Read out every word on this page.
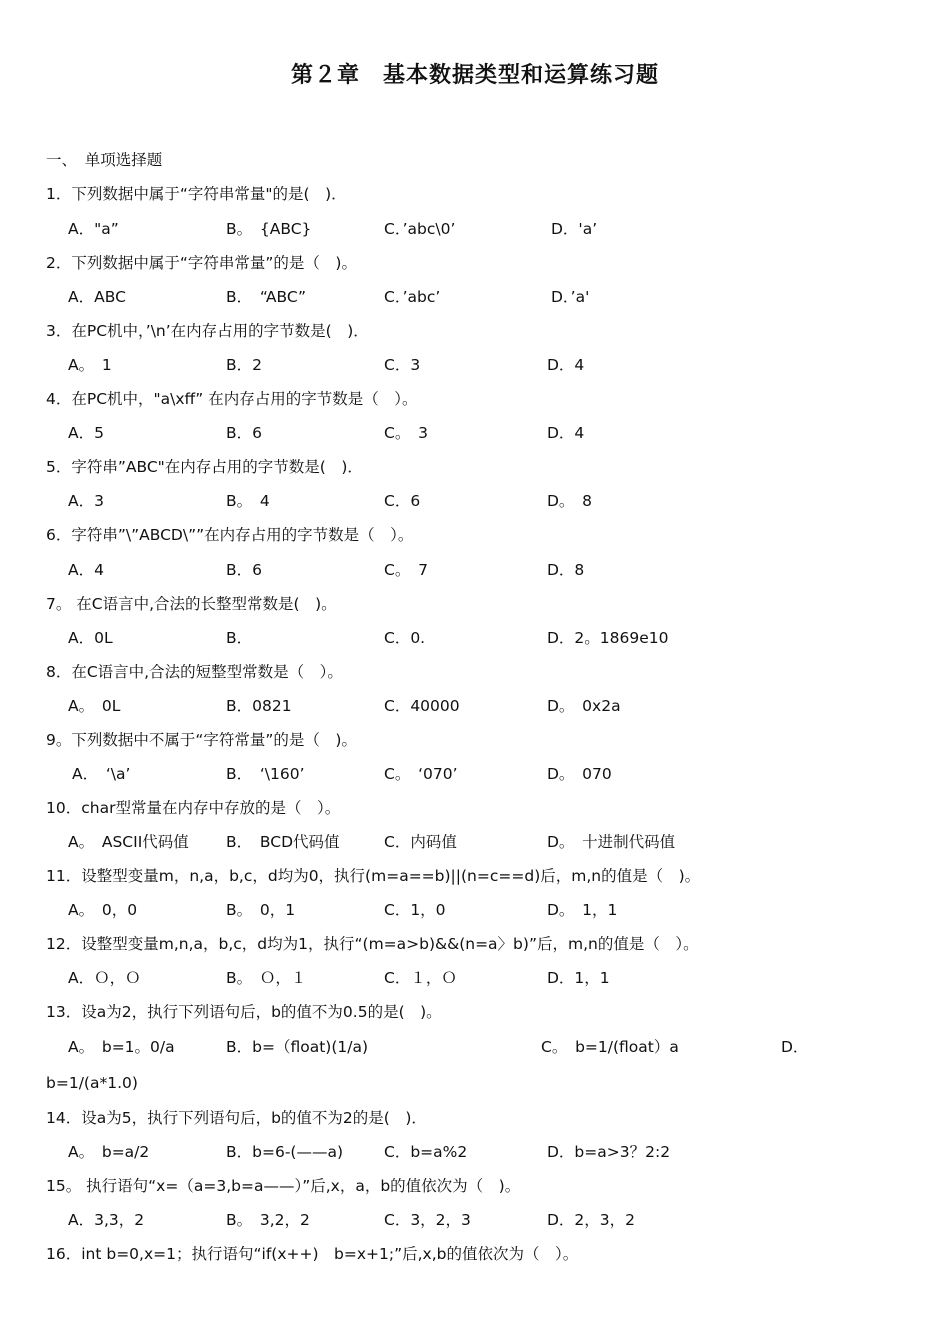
第２章　基本数据类型和运算练习题
一、　单项选择题
1．下列数据中属于“字符串常量"的是(　)．
A．"a”	B。　{ABC}	C．’abc\0’	D．'a’
2．下列数据中属于“字符串常量”的是（　)。
A．ABC	B．　“ABC”	C．’abc’	D．’a'
3．在PC机中，’\n’在内存占用的字节数是(　)．
A。　1	B．2	C．3	D．4
4．在PC机中，"a\xff” 在内存占用的字节数是（　）。
A．5	B．6	C。　3	D．4
5．字符串”ABC"在内存占用的字节数是(　)．
A．3	B。　4	C．6	D。　8
6．字符串”\”ABCD\””在内存占用的字节数是（　）。
A．4	B．6	C。　7	D．8
7。 在C语言中,合法的长整型常数是(　)。
A．0L	B．	C．0.	D．2。1869e10
8．在C语言中,合法的短整型常数是（　）。
A。　0L	B．0821	C．40000	D。　0x2a
9。下列数据中不属于“字符常量”的是（　)。
A．　‘\a’	B．　‘\160’	C。　‘070’	D。　070
10．char型常量在内存中存放的是（　）。
A。　ASCII代码值 B．　BCD代码值	C．内码值	D。　十进制代码值
11．设整型变量m，n,a，b,c，d均为0，执行(m=a==b)||(n=c==d)后，m,n的值是（　)。
A。　0，0	B。　0，1	C．1，0	D。　1，1
12．设整型变量m,n,a，b,c，d均为1，执行“(m=a>b)&&(n=a〉b)”后，m,n的值是（　）。
A．Ｏ，Ｏ	B。　Ｏ，１	C．１，Ｏ	D．1，1
13．设a为2，执行下列语句后，b的值不为0.5的是(　)。
A。　b=1。0/a	B．b=（float)(1/a)	C。　b=1/(float）a	D．
b=1/(a*1.0)
14．设a为5，执行下列语句后，b的值不为2的是(　)．
A。　b=a/2	B．b=6-(——a)	C．b=a%2	D．b=a>3？2:2
15。 执行语句“x=（a=3,b=a——）”后,x，a，b的值依次为（　)。
A．3,3，2	B。　3,2，2	C．3，2，3	D．2，3，2
16．int b=0,x=1；执行语句“if(x++)　b=x+1;”后,x,b的值依次为（　）。
